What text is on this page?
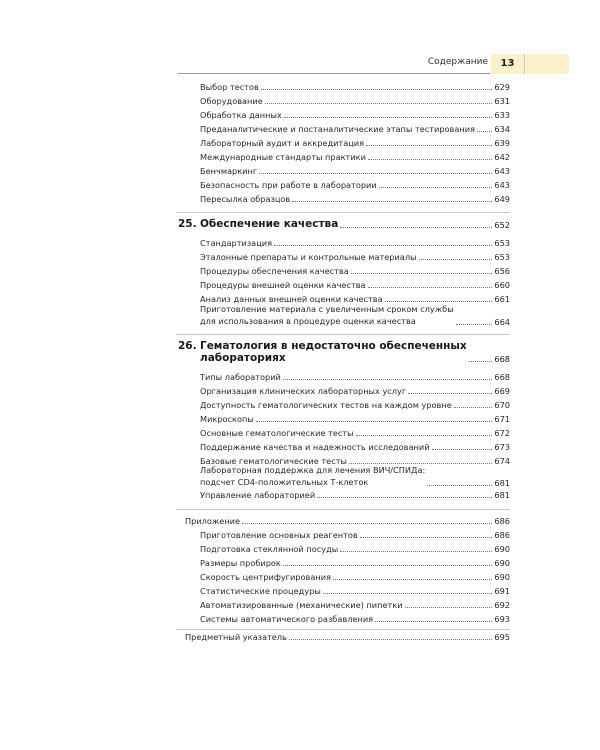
Содержание	13
Выбор тестов	629
Оборудование	631
Обработка данных	633
Преданалитические и постаналитические этапы тестирования 634
Лабораторный аудит и аккредитация	639
Международные стандарты практики	642
Бенчмаркинг	643
Безопасность при работе в лаборатории	643
Пересылка образцов	649
25. Обеспечение качества	652
Стандартизация	653
Эталонные препараты и контрольные материалы	653
Процедуры обеспечения качества	656
Процедуры внешней оценки качества	660
Анализ данных внешней оценки качества	661
Приготовление материала с увеличенным сроком службы
для использования в процедуре оценки качества	664
26. Гематология в недостаточно обеспеченных
лабораториях	668
Типы лабораторий	668
Организация клинических лабораторных услуг	669
Доступность гематологических тестов на каждом уровне	670
Микроскопы	671
Основные гематологические тесты	672
Поддержание качества и надежность исследований	673
Базовые гематологические тесты	674
Лабораторная поддержка для лечения ВИЧ/СПИДа:
подсчет CD4-положительных Т-клеток	681
Управление лабораторией	681
Приложение	686
Приготовление основных реагентов	686
Подготовка стеклянной посуды	690
Размеры пробирок	690
Скорость центрифугирования	690
Статистические процедуры	691
Автоматизированные (механические) пипетки	692
Системы автоматического разбавления	693
Предметный указатель	695
